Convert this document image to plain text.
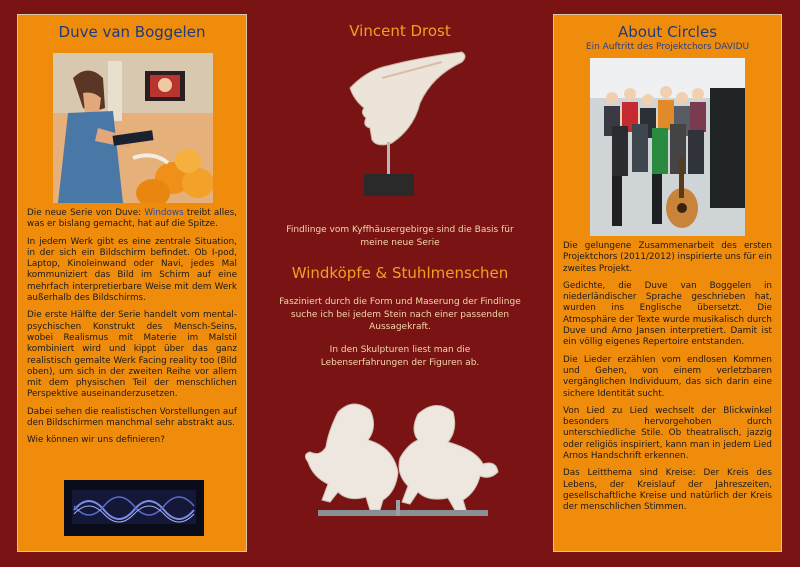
Duve van Boggelen

Die neue Serie von Duve: Windows treibt alles, was er bislang gemacht, hat auf die Spitze.

In jedem Werk gibt es eine zentrale Situation, in der sich ein Bildschirm befindet. Ob I-pod, Laptop, Kinoleinwand oder Navi, jedes Mal kommuniziert das Bild im Schirm auf eine mehrfach interpretierbare Weise mit dem Werk außerhalb des Bildschirms.

Die erste Hälfte der Serie handelt vom mental-psychischen Konstrukt des Mensch-Seins, wobei Realismus mit Materie im Malstil kombiniert wird und kippt über das ganz realistisch gemalte Werk Facing reality too (Bild oben), um sich in der zweiten Reihe vor allem mit dem physischen Teil der menschlichen Perspektive auseinanderzusetzen.

Dabei sehen die realistischen Vorstellungen auf den Bildschirmen manchmal sehr abstrakt aus.

Wie können wir uns definieren?

Vincent Drost
Findlinge vom Kyffhäusergebirge sind die Basis für meine neue Serie
Windköpfe & Stuhlmenschen
Fasziniert durch die Form und Maserung der Findlinge suche ich bei jedem Stein nach einer passenden Aussagekraft.
In den Skulpturen liest man die Lebenserfahrungen der Figuren ab.
About Circles
Ein Auftritt des Projektchors DAVIDU

Die gelungene Zusammenarbeit des ersten Projektchors (2011/2012) inspirierte uns für ein zweites Projekt.

Gedichte, die Duve van Boggelen in niederländischer Sprache geschrieben hat, wurden ins Englische übersetzt. Die Atmosphäre der Texte wurde musikalisch durch Duve und Arno Jansen interpretiert. Damit ist ein völlig eigenes Repertoire entstanden.

Die Lieder erzählen vom endlosen Kommen und Gehen, von einem verletzbaren vergänglichen Individuum, das sich darin eine sichere Identität sucht.

Von Lied zu Lied wechselt der Blickwinkel besonders hervorgehoben durch unterschiedliche Stile. Ob theatralisch, jazzig oder religiös inspiriert, kann man in jedem Lied Arnos Handschrift erkennen.

Das Leitthema sind Kreise: Der Kreis des Lebens, der Kreislauf der Jahreszeiten, gesellschaftliche Kreise und natürlich der Kreis der menschlichen Stimmen.
